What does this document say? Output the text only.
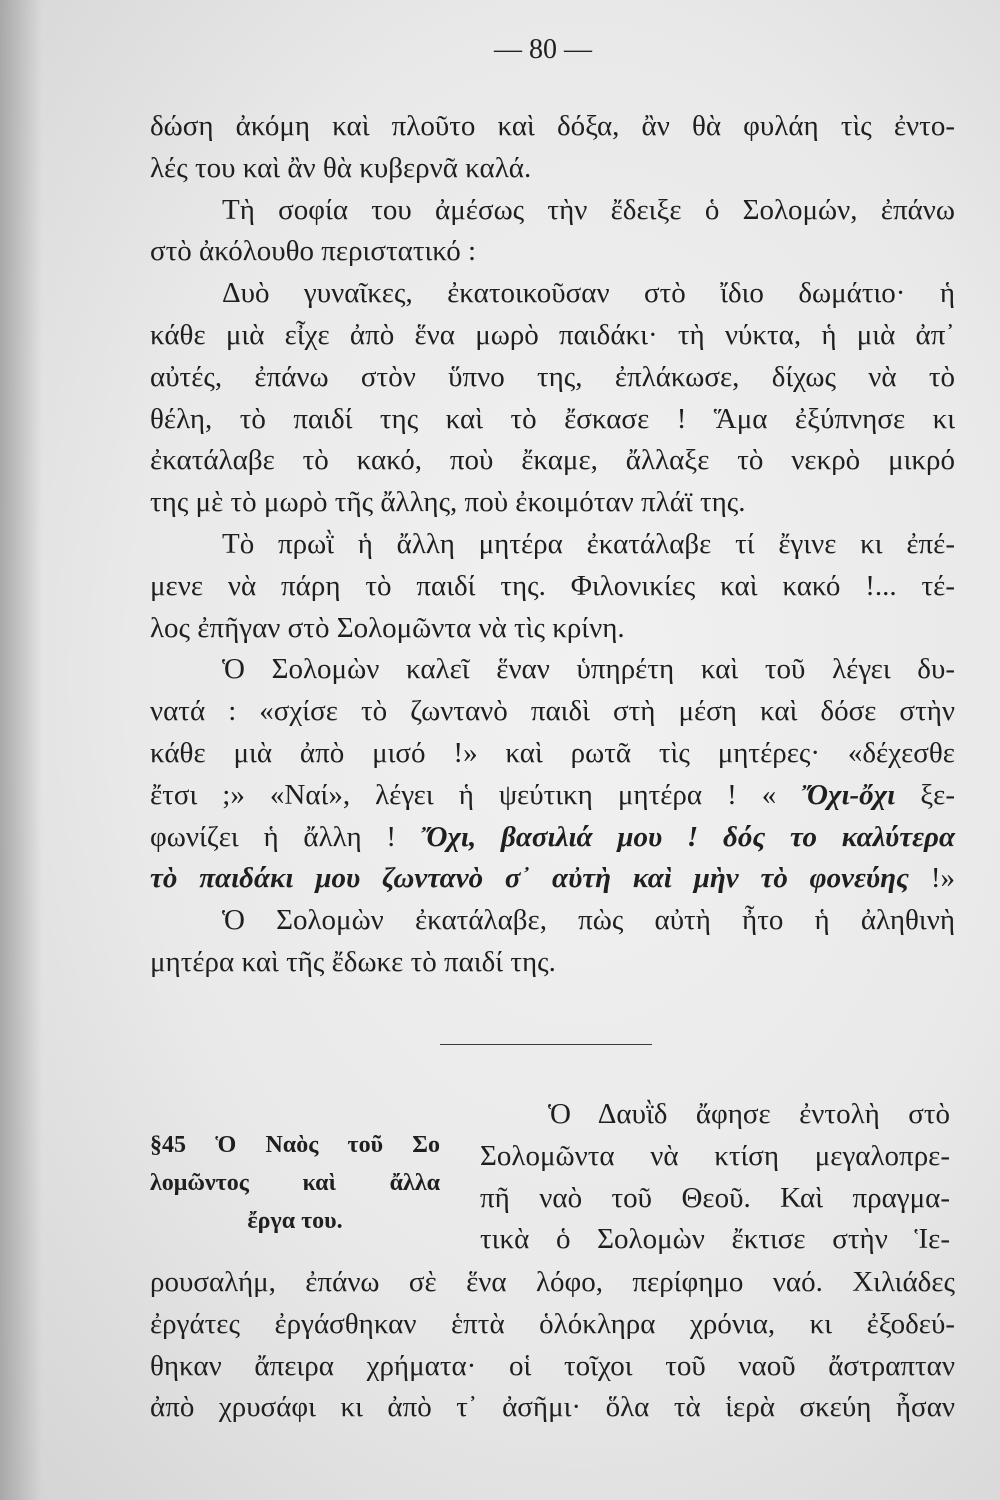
— 80 —
δώση ἀκόμη καὶ πλοῦτο καὶ δόξα, ἂν θὰ φυλάη τὶς ἐντο-
λές του καὶ ἂν θὰ κυβερνᾶ καλά.
Τὴ σοφία του ἀμέσως τὴν ἔδειξε ὁ Σολομών, ἐπάνω
στὸ ἀκόλουθο περιστατικό :
Δυὸ γυναῖκες, ἐκατοικοῦσαν στὸ ἴδιο δωμάτιο· ἡ
κάθε μιὰ εἶχε ἀπὸ ἕνα μωρὸ παιδάκι· τὴ νύκτα, ἡ μιὰ ἀπ᾿
αὐτές, ἐπάνω στὸν ὕπνο της, ἐπλάκωσε, δίχως νὰ τὸ
θέλη, τὸ παιδί της καὶ τὸ ἔσκασε ! Ἅμα ἐξύπνησε κι
ἐκατάλαβε τὸ κακό, ποὺ ἔκαμε, ἄλλαξε τὸ νεκρὸ μικρό
της μὲ τὸ μωρὸ τῆς ἄλλης, ποὺ ἐκοιμόταν πλάϊ της.
Τὸ πρωῒ ἡ ἄλλη μητέρα ἐκατάλαβε τί ἔγινε κι ἐπέ-
μενε νὰ πάρη τὸ παιδί της. Φιλονικίες καὶ κακό !... τέ-
λος ἐπῆγαν στὸ Σολομῶντα νὰ τὶς κρίνη.
Ὁ Σολομὼν καλεῖ ἕναν ὑπηρέτη καὶ τοῦ λέγει δυ-
νατά : «σχίσε τὸ ζωντανὸ παιδὶ στὴ μέση καὶ δόσε στὴν
κάθε μιὰ ἀπὸ μισό !» καὶ ρωτᾶ τὶς μητέρες· «δέχεσθε
ἔτσι ;» «Ναί», λέγει ἡ ψεύτικη μητέρα ! « Ὄχι-ὄχι ξε-
φωνίζει ἡ ἄλλη ! Ὄχι, βασιλιά μου ! δός το καλύτερα
τὸ παιδάκι μου ζωντανὸ σ᾿ αὐτὴ καὶ μὴν τὸ φονεύης !»
Ὁ Σολομὼν ἐκατάλαβε, πὼς αὐτὴ ἦτο ἡ ἀληθινὴ
μητέρα καὶ τῆς ἔδωκε τὸ παιδί της.
§45 Ὁ Ναὸς τοῦ Σο
λομῶντος καὶ ἄλλα
ἔργα του.
Ὁ Δαυῒδ ἄφησε ἐντολὴ στὸ
Σολομῶντα νὰ κτίση μεγαλοπρε-
πῆ ναὸ τοῦ Θεοῦ. Καὶ πραγμα-
τικὰ ὁ Σολομὼν ἔκτισε στὴν Ἱε-
ρουσαλήμ, ἐπάνω σὲ ἕνα λόφο, περίφημο ναό. Χιλιάδες
ἐργάτες ἐργάσθηκαν ἑπτὰ ὁλόκληρα χρόνια, κι ἐξοδεύ-
θηκαν ἄπειρα χρήματα· οἱ τοῖχοι τοῦ ναοῦ ἄστραπταν
ἀπὸ χρυσάφι κι ἀπὸ τ᾿ ἀσῆμι· ὅλα τὰ ἱερὰ σκεύη ἦσαν
